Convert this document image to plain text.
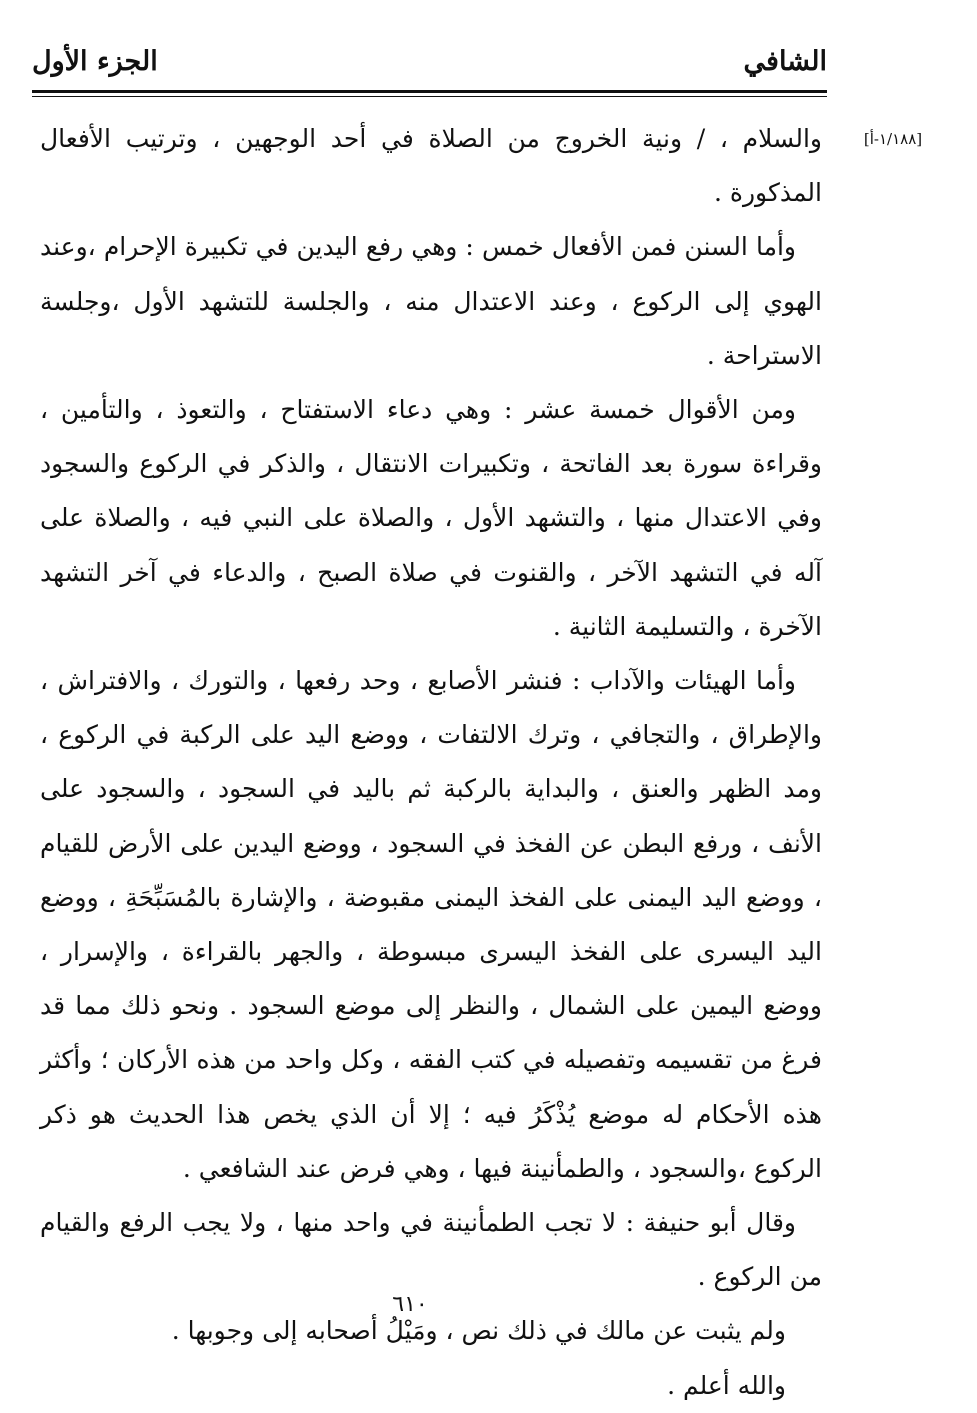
الشافي
الجزء الأول
[١/١٨٨-أ]

والسلام ، / ونية الخروج من الصلاة في أحد الوجهين ، وترتيب الأفعال المذكورة .

وأما السنن فمن الأفعال خمس : وهي رفع اليدين في تكبيرة الإحرام ،وعند الهوي إلى الركوع ، وعند الاعتدال منه ، والجلسة للتشهد الأول ،وجلسة الاستراحة .

ومن الأقوال خمسة عشر : وهي دعاء الاستفتاح ، والتعوذ ، والتأمين ، وقراءة سورة بعد الفاتحة ، وتكبيرات الانتقال ، والذكر في الركوع والسجود وفي الاعتدال منها ، والتشهد الأول ، والصلاة على النبي فيه ، والصلاة على آله في التشهد الآخر ، والقنوت في صلاة الصبح ، والدعاء في آخر التشهد الآخرة ، والتسليمة الثانية .

وأما الهيئات والآداب : فنشر الأصابع ، وحد رفعها ، والتورك ، والافتراش ، والإطراق ، والتجافي ، وترك الالتفات ، ووضع اليد على الركبة في الركوع ، ومد الظهر والعنق ، والبداية بالركبة ثم باليد في السجود ، والسجود على الأنف ، ورفع البطن عن الفخذ في السجود ، ووضع اليدين على الأرض للقيام ، ووضع اليد اليمنى على الفخذ اليمنى مقبوضة ، والإشارة بالمُسَبِّحَةِ ، ووضع اليد اليسرى على الفخذ اليسرى مبسوطة ، والجهر بالقراءة ، والإسرار ، ووضع اليمين على الشمال ، والنظر إلى موضع السجود . ونحو ذلك مما قد فرغ من تقسيمه وتفصيله في كتب الفقه ، وكل واحد من هذه الأركان ؛ وأكثر هذه الأحكام له موضع يُذْكَرُ فيه ؛ إلا أن الذي يخص هذا الحديث هو ذكر الركوع ،والسجود ، والطمأنينة فيها ، وهي فرض عند الشافعي .

وقال أبو حنيفة : لا تجب الطمأنينة في واحد منها ، ولا يجب الرفع والقيام من الركوع .

ولم يثبت عن مالك في ذلك نص ، ومَيْلُ أصحابه إلى وجوبها .

والله أعلم .

٦١٠
